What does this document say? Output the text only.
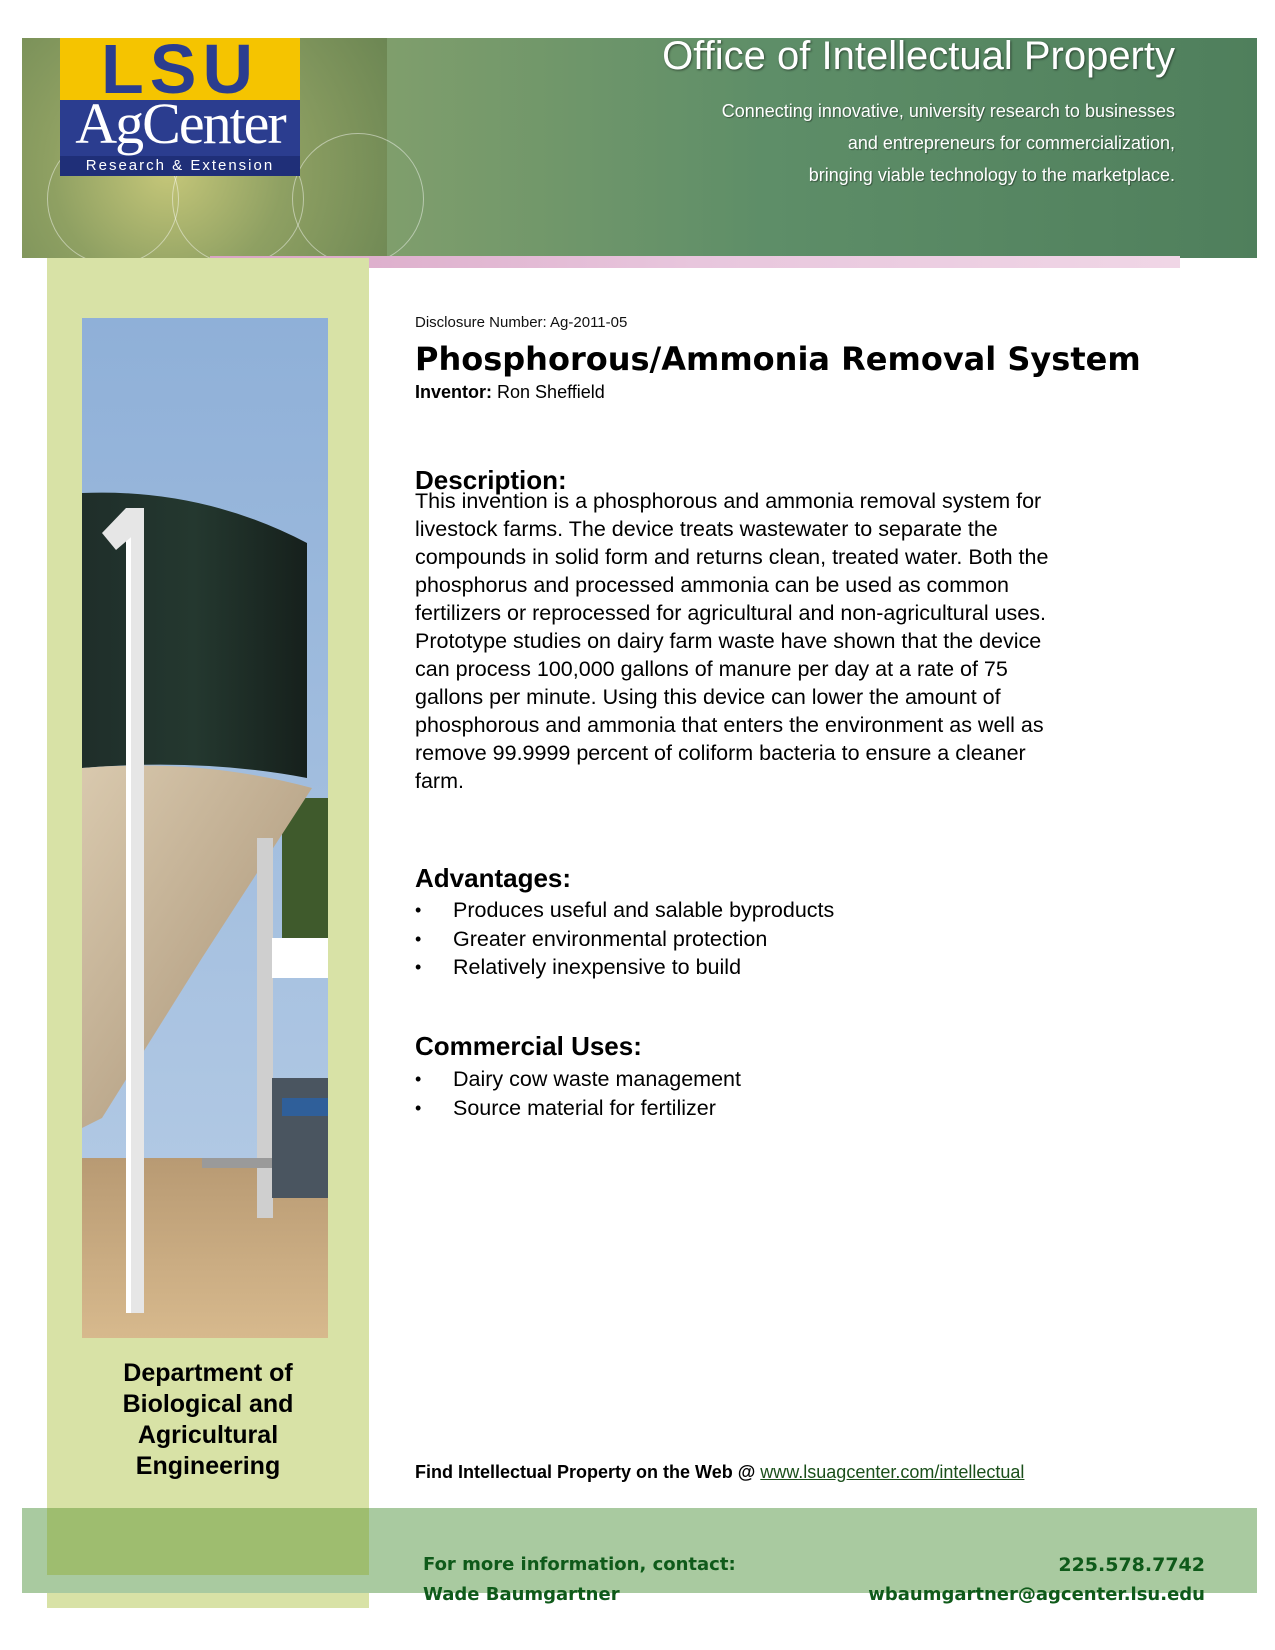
LSU
AgCenter
Research & Extension
Office of Intellectual Property
Connecting innovative, university research to businesses
and entrepreneurs for commercialization,
bringing viable technology to the marketplace.
Department of
Biological and
Agricultural
Engineering
Disclosure Number: Ag-2011-05
Phosphorous/Ammonia Removal System
Inventor: Ron Sheffield
Description:
This invention is a phosphorous and ammonia removal system for
livestock farms. The device treats wastewater to separate the
compounds in solid form and returns clean, treated water. Both the
phosphorus and processed ammonia can be used as common
fertilizers or reprocessed for agricultural and non-agricultural uses.
Prototype studies on dairy farm waste have shown that the device
can process 100,000 gallons of manure per day at a rate of 75
gallons per minute. Using this device can lower the amount of
phosphorous and ammonia that enters the environment as well as
remove 99.9999 percent of coliform bacteria to ensure a cleaner
farm.
Advantages:
• Produces useful and salable byproducts
• Greater environmental protection
• Relatively inexpensive to build
Commercial Uses:
• Dairy cow waste management
• Source material for fertilizer
Find Intellectual Property on the Web @ www.lsuagcenter.com/intellectual
For more information, contact:
Wade Baumgartner
225.578.7742
wbaumgartner@agcenter.lsu.edu
